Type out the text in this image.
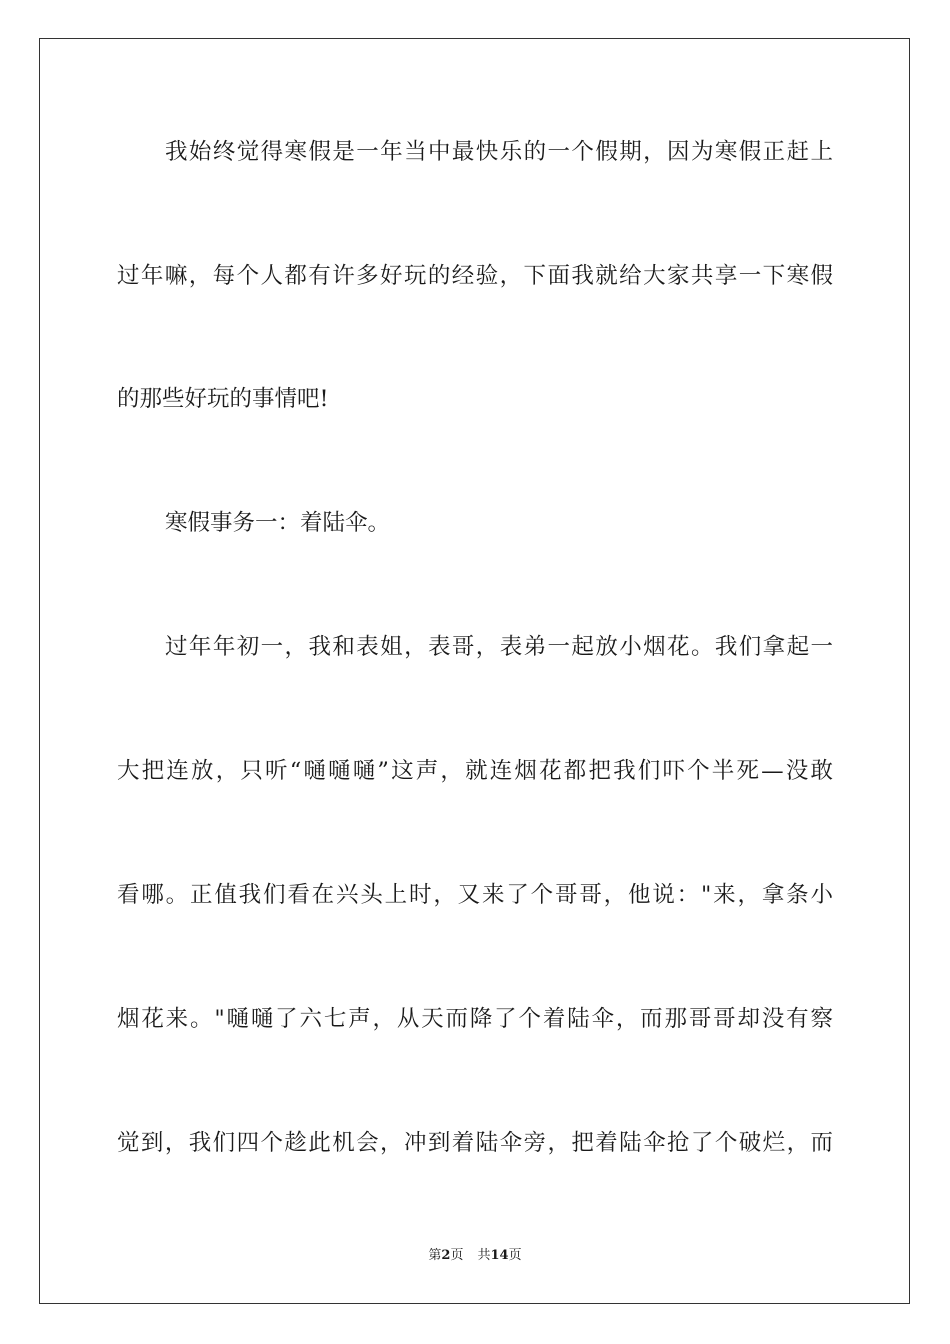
我始终觉得寒假是一年当中最快乐的一个假期，因为寒假正赶上
过年嘛，每个人都有许多好玩的经验，下面我就给大家共享一下寒假
的那些好玩的事情吧!
寒假事务一：着陆伞。
过年年初一，我和表姐，表哥，表弟一起放小烟花。我们拿起一
大把连放，只听“嗵嗵嗵”这声，就连烟花都把我们吓个半死—没敢
看哪。正值我们看在兴头上时，又来了个哥哥，他说："来，拿条小
烟花来。"嗵嗵了六七声，从天而降了个着陆伞，而那哥哥却没有察
觉到，我们四个趁此机会，冲到着陆伞旁，把着陆伞抢了个破烂，而
第2页 共14页
